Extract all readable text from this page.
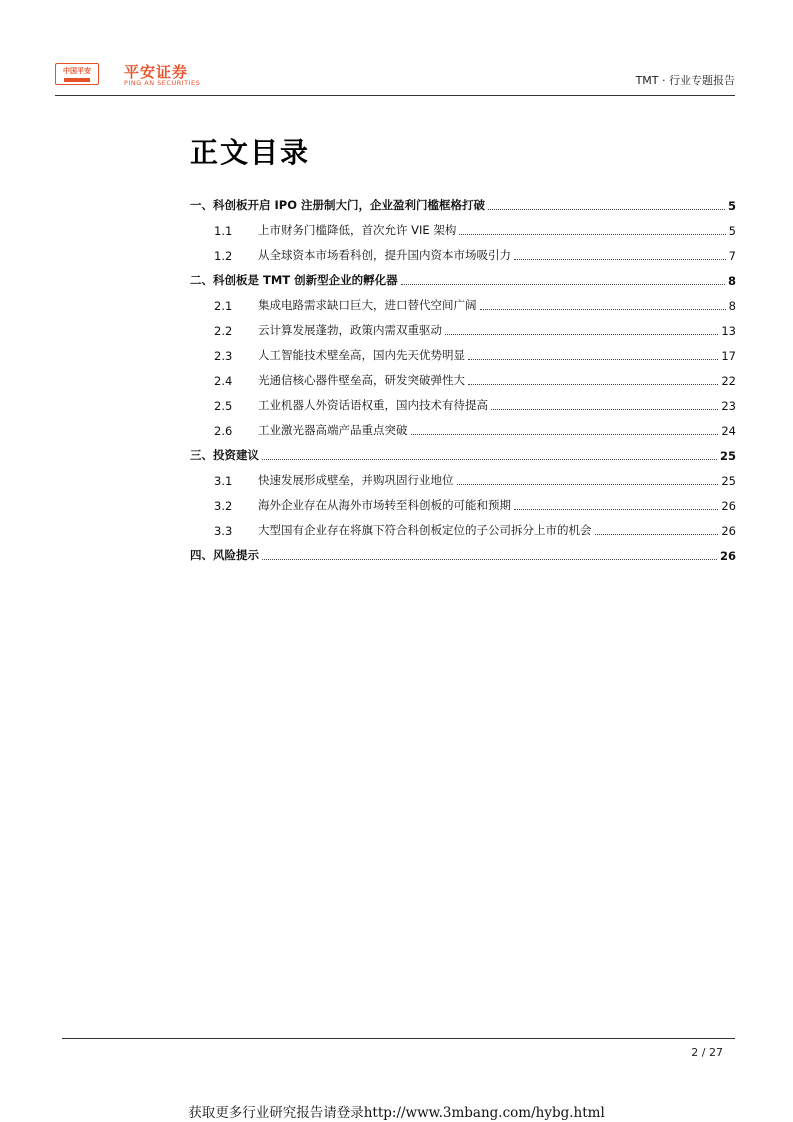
中国平安 平安证券
PING AN SECURITIES	TMT · 行业专题报告
正文目录
一、科创板开启 IPO 注册制大门，企业盈利门槛框格打破	5
1.1 上市财务门槛降低，首次允许 VIE 架构	5
1.2 从全球资本市场看科创，提升国内资本市场吸引力	7
二、科创板是 TMT 创新型企业的孵化器	8
2.1 集成电路需求缺口巨大，进口替代空间广阔	8
2.2 云计算发展蓬勃，政策内需双重驱动	13
2.3 人工智能技术壁垒高，国内先天优势明显	17
2.4 光通信核心器件壁垒高，研发突破弹性大	22
2.5 工业机器人外资话语权重，国内技术有待提高	23
2.6 工业激光器高端产品重点突破	24
三、投资建议	25
3.1 快速发展形成壁垒，并购巩固行业地位	25
3.2 海外企业存在从海外市场转至科创板的可能和预期	26
3.3 大型国有企业存在将旗下符合科创板定位的子公司拆分上市的机会	26
四、风险提示	26
2 / 27
获取更多行业研究报告请登录http://www.3mbang.com/hybg.html
